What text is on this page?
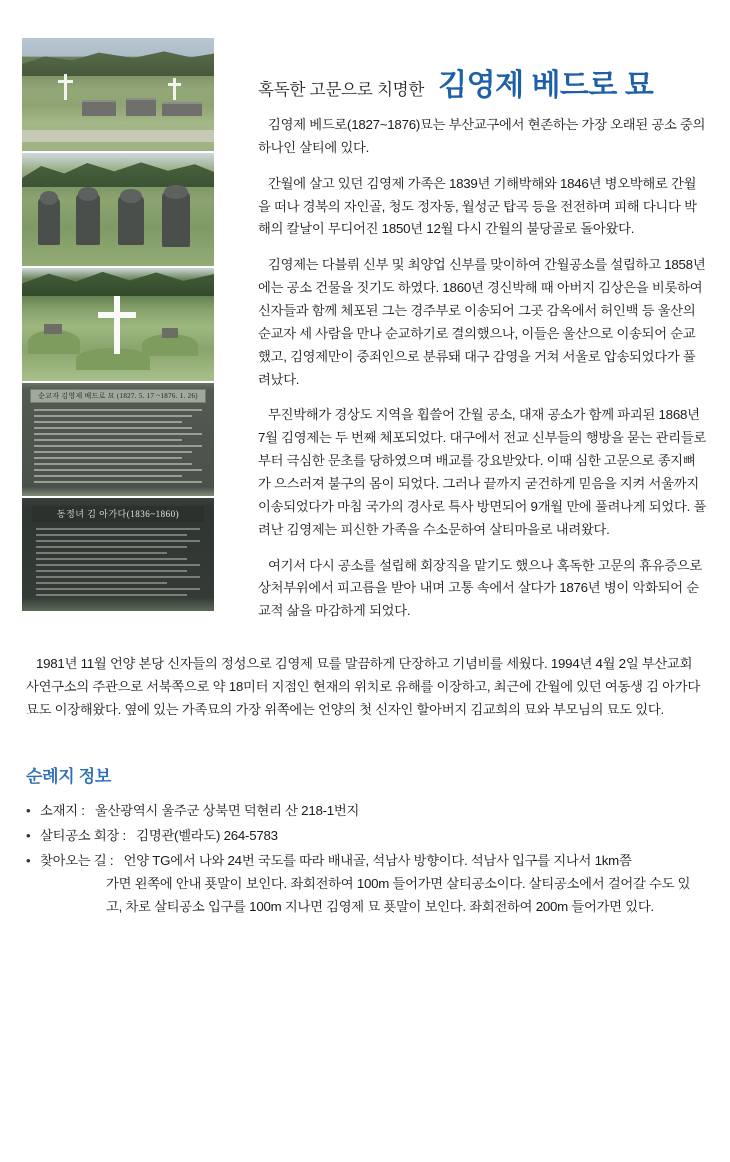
순교자 김영제 베드로 묘 (1827. 5. 17 ~1876. 1. 26)
동정녀 김 아가다(1836~1860)
혹독한 고문으로 치명한 김영제 베드로 묘

김영제 베드로(1827~1876)묘는 부산교구에서 현존하는 가장 오래된 공소 중의 하나인 살티에 있다.

간월에 살고 있던 김영제 가족은 1839년 기해박해와 1846년 병오박해로 간월을 떠나 경북의 자인골, 청도 정자동, 월성군 탑곡 등을 전전하며 피해 다니다 박해의 칼날이 무디어진 1850년 12월 다시 간월의 불당골로 돌아왔다.

김영제는 다블뤼 신부 및 최양업 신부를 맞이하여 간월공소를 설립하고 1858년에는 공소 건물을 짓기도 하였다. 1860년 경신박해 때 아버지 김상은을 비롯하여 신자들과 함께 체포된 그는 경주부로 이송되어 그곳 감옥에서 허인백 등 울산의 순교자 세 사람을 만나 순교하기로 결의했으나, 이들은 울산으로 이송되어 순교했고, 김영제만이 중죄인으로 분류돼 대구 감영을 거쳐 서울로 압송되었다가 풀려났다.

무진박해가 경상도 지역을 휩쓸어 간월 공소, 대재 공소가 함께 파괴된 1868년 7월 김영제는 두 번째 체포되었다. 대구에서 전교 신부들의 행방을 묻는 관리들로부터 극심한 문초를 당하였으며 배교를 강요받았다. 이때 심한 고문으로 종지뼈가 으스러져 불구의 몸이 되었다. 그러나 끝까지 굳건하게 믿음을 지켜 서울까지 이송되었다가 마침 국가의 경사로 특사 방면되어 9개월 만에 풀려나게 되었다. 풀려난 김영제는 피신한 가족을 수소문하여 살티마을로 내려왔다.

여기서 다시 공소를 설립해 회장직을 맡기도 했으나 혹독한 고문의 휴유증으로 상처부위에서 피고름을 받아 내며 고통 속에서 살다가 1876년 병이 악화되어 순교적 삶을 마감하게 되었다.

1981년 11월 언양 본당 신자들의 정성으로 김영제 묘를 말끔하게 단장하고 기념비를 세웠다. 1994년 4월 2일 부산교회사연구소의 주관으로 서북쪽으로 약 18미터 지점인 현재의 위치로 유해를 이장하고, 최근에 간월에 있던 여동생 김 아가다 묘도 이장해왔다. 옆에 있는 가족묘의 가장 위쪽에는 언양의 첫 신자인 할아버지 김교희의 묘와 부모님의 묘도 있다.

순례지 정보
• 소재지 : 울산광역시 울주군 상북면 덕현리 산 218-1번지
• 살티공소 회장 : 김명관(벨라도) 264-5783
• 찾아오는 길 : 언양 TG에서 나와 24번 국도를 따라 배내골, 석남사 방향이다. 석남사 입구를 지나서 1km쯤
가면 왼쪽에 안내 푯말이 보인다. 좌회전하여 100m 들어가면 살티공소이다. 살티공소에서 걸어갈 수도 있고, 차로 살티공소 입구를 100m 지나면 김영제 묘 푯말이 보인다. 좌회전하여 200m 들어가면 있다.
